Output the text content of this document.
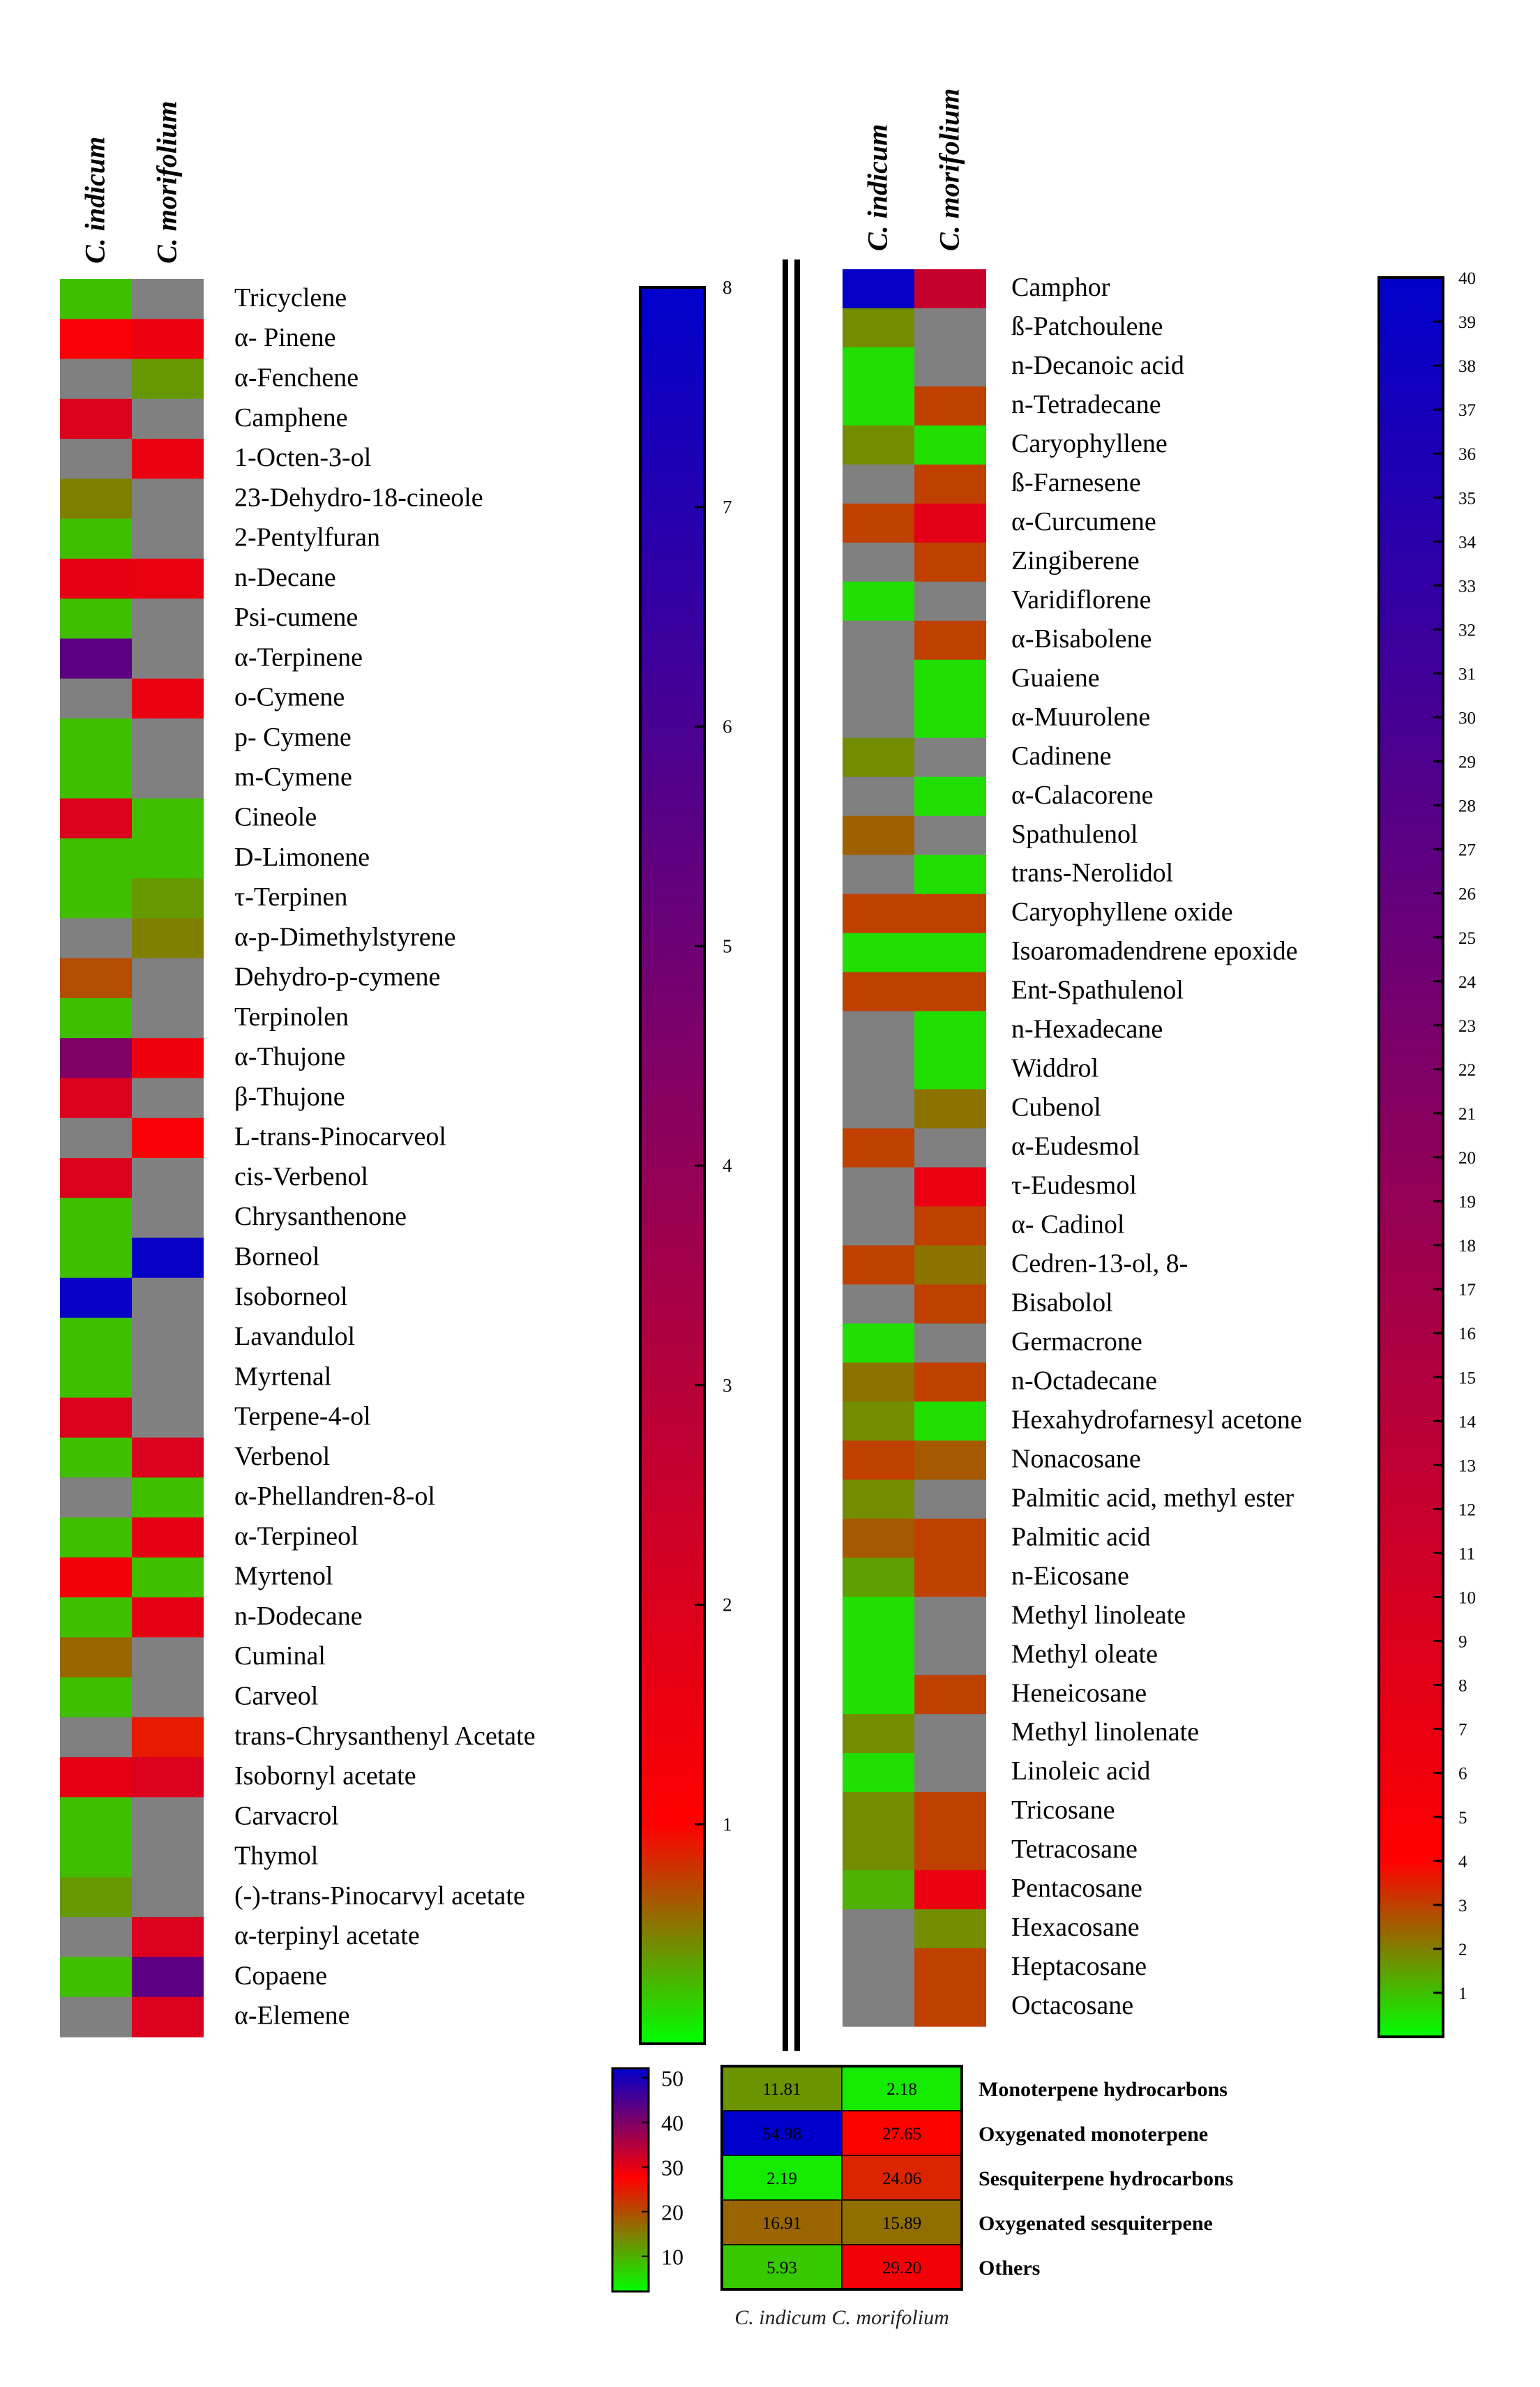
C. indicum C. morifolium
Tricyclene
α- Pinene
α-Fenchene
Camphene
1-Octen-3-ol
23-Dehydro-18-cineole
2-Pentylfuran
n-Decane
Psi-cumene
α-Terpinene
o-Cymene
p- Cymene
m-Cymene
Cineole
D-Limonene
τ-Terpinen
α-p-Dimethylstyrene
Dehydro-p-cymene
Terpinolen
α-Thujone
β-Thujone
L-trans-Pinocarveol
cis-Verbenol
Chrysanthenone
Borneol
Isoborneol
Lavandulol
Myrtenal
Terpene-4-ol
Verbenol
α-Phellandren-8-ol
α-Terpineol
Myrtenol
n-Dodecane
Cuminal
Carveol
trans-Chrysanthenyl Acetate
Isobornyl acetate
Carvacrol
Thymol
(-)-trans-Pinocarvyl acetate
α-terpinyl acetate
Copaene
α-Elemene
1
2
3
4
5
6
7
8
C. indicum C. morifolium
Camphor
ß-Patchoulene
n-Decanoic acid
n-Tetradecane
Caryophyllene
ß-Farnesene
α-Curcumene
Zingiberene
Varidiflorene
α-Bisabolene
Guaiene
α-Muurolene
Cadinene
α-Calacorene
Spathulenol
trans-Nerolidol
Caryophyllene oxide
Isoaromadendrene epoxide
Ent-Spathulenol
n-Hexadecane
Widdrol
Cubenol
α-Eudesmol
τ-Eudesmol
α- Cadinol
Cedren-13-ol, 8-
Bisabolol
Germacrone
n-Octadecane
Hexahydrofarnesyl acetone
Nonacosane
Palmitic acid, methyl ester
Palmitic acid
n-Eicosane
Methyl linoleate
Methyl oleate
Heneicosane
Methyl linolenate
Linoleic acid
Tricosane
Tetracosane
Pentacosane
Hexacosane
Heptacosane
Octacosane	1
2
3
4
5
6
7
8
9
10
11
12
13
14
15
16
17
18
19
20
21
22
23
24
25
26
27
28
29
30
31
32
33
34
35
36
37
38
39
40
11.81	2.18	Monoterpene hydrocarbons
54.98	27.65	Oxygenated monoterpene
2.19	24.06	Sesquiterpene hydrocarbons
16.91	15.89	Oxygenated sesquiterpene
5.93	29.20	Others
C. indicum C. morifolium
10
20
30
40
50
